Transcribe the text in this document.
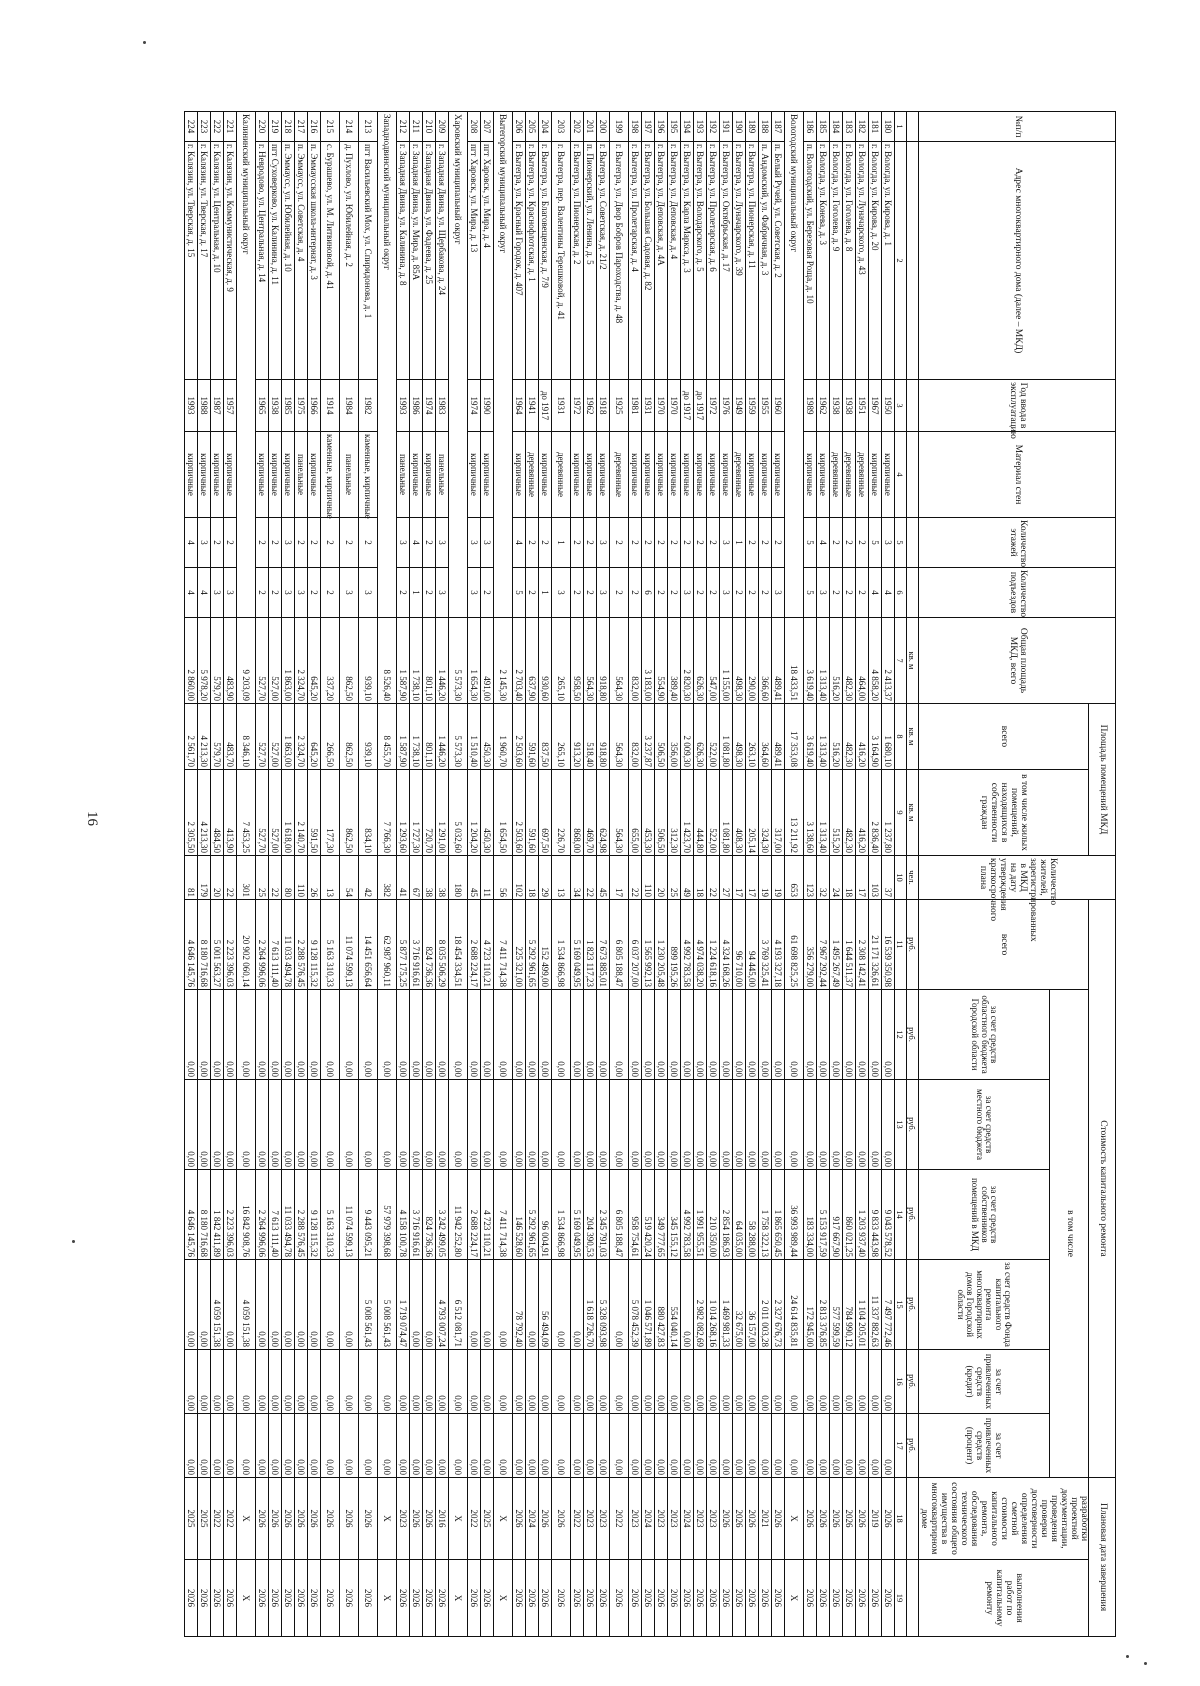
16
№п/п	Адрес многоквартирного дома (далее – МКД)	Год ввода в эксплуатацию	Материал стен	Количество этажей	Количество подъездов	Общая площадь МКД, всего	Площадь помещений МКД		Количество жителей, зарегистрированных в МКД на дату утверждения краткосрочного плана	Стоимость капитального ремонта							Плановая дата завершения	
							всего	в том числе жилых помещений, находящихся в собственности граждан		всего	в том числе						разработки проектной документации, проведения проверки достоверности определения сметной стоимости капитального ремонта, обследования технического состояния общего имущества в многоквартирном доме	выполнения работ по капитальному ремонту
											за счет средств областного бюджета Городской области	за счет средств местного бюджета	за счет средств собственников помещений в МКД	за счет средств Фонда капитального ремонта многоквартирных домов Городской области	за счет привлеченных средств (кредит)	за счет привлеченных средств (процент)		
						кв. м	кв. м	кв. м	чел.	руб.	руб.	руб.	руб.	руб.	руб.	руб.		
1	2	3	4	5	6	7	8	9	10	11	12	13	14	15	16	17	18	19
180	г. Вологда, ул. Кирова, д. 1	1950	кирпичные	3	4	2 413,37	1 680,10	1 237,80	37	16 539 350,98	0,00	0,00	9 043 578,52	7 497 772,46	0,00	0,00	2026	2026
181	г. Вологда, ул. Кирова, д. 20	1967	кирпичные	5	4	4 858,20	3 164,90	2 836,40	103	21 171 326,61	0,00	0,00	9 833 443,98	11 337 882,63	0,00	0,00	2019	2026
182	г. Вологда, ул. Луначарского, д. 43	1951	деревянные	2	2	464,00	416,20	416,20	17	2 308 142,41	0,00	0,00	1 203 937,40	1 104 205,01	0,00	0,00	2026	2026
183	г. Вологда, ул. Гоголева, д. 8	1938	деревянные	2	2	482,30	482,30	482,30	18	1 644 511,37	0,00	0,00	860 021,25	784 990,12	0,00	0,00	2026	2026
184	г. Вологда, ул. Гоголева, д. 9	1938	деревянные	2	2	516,20	516,20	515,20	24	1 495 267,49	0,00	0,00	917 667,90	577 599,59	0,00	0,00	2026	2026
185	г. Вологда, ул. Конева, д. 3	1962	кирпичные	4	3	1 313,40	1 313,40	1 313,40	32	7 967 292,44	0,00	0,00	5 153 917,59	2 813 376,85	0,00	0,00	2026	2026
186	п. Вологодский, ул. Березовая Роща, д. 10	1989	кирпичные	5	5	3 619,40	3 619,40	3 138,60	123	356 279,00	0,00	0,00	183 334,00	172 945,00	0,00	0,00	2026	2026
Вологодский муниципальный округ						18 433,51	17 353,08	13 211,92	653	61 698 825,25	0,00	0,00	36 993 989,44	24 614 835,81	0,00	0,00	X	X
187	п. Белый Ручей, ул. Советская, д. 2	1960	кирпичные	2	3	489,41	489,41	317,00	19	4 193 327,18	0,00	0,00	1 865 650,45	2 327 676,73	0,00	0,00	2026	2026
188	п. Андомский, ул. Фабричная, д. 3	1955	кирпичные	2	2	366,60	364,60	324,30	19	3 769 325,41	0,00	0,00	1 758 322,13	2 011 003,28	0,00	0,00	2021	2026
189	г. Вытегра, ул. Пионерская, д. 11	1959	кирпичные	2	2	290,00	263,10	205,14	17	94 445,00	0,00	0,00	58 288,00	36 157,00	0,00	0,00	2026	2026
190	г. Вытегра, ул. Луначарского, д. 39	1949	деревянные	1	2	498,30	498,30	408,30	17	96 710,00	0,00	0,00	64 035,00	32 675,00	0,00	0,00	2026	2026
191	г. Вытегра, ул. Октябрьская, д. 17	1976	кирпичные	3	3	1 155,00	1 081,80	1 081,80	27	4 324 168,26	0,00	0,00	2 854 186,93	1 469 981,33	0,00	0,00	2026	2026
192	г. Вытегра, ул. Пролетарская, д. 6	1972	кирпичные	2	2	547,00	522,00	522,00	22	1 224 618,16	0,00	0,00	210 350,00	1 014 268,16	0,00	0,00	2023	2026
193	г. Вытегра, ул. Володарского, д. 5	до 1917	кирпичные	2	2	626,30	626,30	444,80	18	4 974 038,20	0,00	0,00	1 991 955,51	2 982 082,69	0,00	0,00	2023	2026
194	г. Вытегра, ул. Карла Маркса, д. 3	до 1917	кирпичные	2	3	2 820,30	2 009,30	1 423,70	49	4 992 783,58	0,00	0,00	4 992 783,58	0,00	0,00	0,00	2024	2026
195	г. Вытегра, ул. Деповская, д. 4	1970	кирпичные	2	2	389,40	356,00	312,30	25	899 195,26	0,00	0,00	345 155,12	554 040,14	0,00	0,00	2023	2026
196	г. Вытегра, ул. Деповская, д. 4А	1970	кирпичные	2	2	554,90	506,50	506,50	20	1 230 205,48	0,00	0,00	349 777,65	880 427,83	0,00	0,00	2023	2026
197	г. Вытегра, ул. Большая Садовая, д. 82	1931	кирпичные	2	6	3 183,00	3 237,87	453,30	110	1 565 992,13	0,00	0,00	519 420,24	1 046 571,89	0,00	0,00	2024	2026
198	г. Вытегра, ул. Пролетарская, д. 4	1981	кирпичные	2	2	832,00	832,00	655,00	22	6 037 207,00	0,00	0,00	958 754,61	5 078 452,39	0,00	0,00	2023	2026
199	г. Вытегра, ул. Двор Бобров Пароходства, д. 48	1925	деревянные	2	2	564,30	564,30	564,30	17	6 805 188,47	0,00	0,00	6 805 188,47	0,00	0,00	0,00	2022	2026
200	г. Вытегра, ул. Советская, д. 21/2	1918	кирпичные	3	3	918,80	918,80	624,98	45	7 673 885,01	0,00	0,00	2 345 791,03	5 328 093,98	0,00	0,00	2023	2026
201	п. Пионерский, ул. Ленина, д. 5	1962	кирпичные	2	2	564,30	518,40	469,70	22	1 823 117,23	0,00	0,00	204 390,53	1 618 726,70	0,00	0,00	2023	2026
202	г. Вытегра, ул. Пионерская, д. 2	1972	кирпичные	2	2	958,50	913,20	868,00	34	5 169 049,95	0,00	0,00	5 169 049,95	0,00	0,00	0,00	2022	2026
203	г. Вытегра, пер. Валентины Терешковой, д. 41	1931	деревянные	1	3	265,10	265,10	226,70	13	1 534 866,98	0,00	0,00	1 534 866,98	0,00	0,00	0,00	2026	2026
204	г. Вытегра, ул. Благовещенская, д. 7/9	до 1917	кирпичные	2	1	930,60	837,50	697,50	29	152 499,00	0,00	0,00	96 004,91	56 494,09	0,00	0,00	2026	2026
205	г. Вытегра, ул. Краснофлотская, д. 1	1941	деревянные	2	2	637,90	591,60	591,60	18	5 292 961,65	0,00	0,00	5 292 961,65	0,00	0,00	0,00	2024	2026
206	г. Вытегра, ул. Красный Городок, д. 407	1964	кирпичные	4	5	2 703,40	2 503,60	2 503,60	102	225 321,00	0,00	0,00	146 528,60	78 792,40	0,00	0,00	2026	2026
Вытегорский муниципальный округ						2 145,30	1 960,70	1 654,50	56	7 411 714,38	0,00	0,00	7 411 714,38	0,00	0,00	0,00	X	X
207	пгт Харовск, ул. Мира, д. 4	1990	кирпичные	3	2	491,00	450,30	450,30	11	4 723 110,21	0,00	0,00	4 723 110,21	0,00	0,00	0,00	2025	2026
208	пгт Харовск, ул. Мира, д. 13	1974	кирпичные	3	3	1 654,30	1 510,40	1 204,20	45	2 688 224,17	0,00	0,00	2 688 224,17	0,00	0,00	0,00	2022	2026
Харовский муниципальный округ						5 573,30	5 573,30	5 032,60	180	18 454 334,51	0,00	0,00	11 942 252,80	6 512 081,71	0,00	0,00	X	X
209	г. Западная Двина, ул. Щербакова, д. 24	1983	панельные	3	3	1 446,20	1 446,20	1 291,00	38	8 035 506,29	0,00	0,00	3 242 499,05	4 793 007,24	0,00	0,00	2016	2026
210	г. Западная Двина, ул. Фадеева, д. 25	1974	кирпичные	2	2	801,10	801,10	720,70	38	824 736,36	0,00	0,00	824 736,36	0,00	0,00	0,00	2026	2026
211	г. Западная Двина, ул. Мира, д. 85А	1986	кирпичные	4	1	1 738,10	1 738,10	1 727,30	67	3 716 916,61	0,00	0,00	3 716 916,61	0,00	0,00	0,00	2026	2026
212	г. Западная Двина, ул. Калинина, д. 8	1993	панельные	3	2	1 587,90	1 587,90	1 293,60	41	5 877 175,25	0,00	0,00	4 158 100,78	1 719 074,47	0,00	0,00	2023	2026
Западнодвинский муниципальный округ						8 526,40	8 455,70	7 766,30	382	62 987 960,11	0,00	0,00	57 979 398,68	5 008 561,43	0,00	0,00	X	X
213	пгт Васильевский Мох, ул. Спиридонова, д. 1	1982	каменные, кирпичные	2	3	939,10	939,10	834,10	42	14 451 656,64	0,00	0,00	9 443 095,21	5 008 561,43	0,00	0,00	2026	2026
214	д. Пухлово, ул. Юбилейная, д. 2	1984	панельные	2	3	862,50	862,50	862,50	54	11 074 599,13	0,00	0,00	11 074 599,13	0,00	0,00	0,00	2026	2026
215	с. Бурашево, ул. М. Литвиновой, д. 41	1914	каменные, кирпичные	2	2	337,20	266,50	177,30	13	5 163 310,33	0,00	0,00	5 163 310,33	0,00	0,00	0,00	2026	2026
216	п. Эммаусская школа-интернат, д. 3	1966	кирпичные	2	2	645,20	645,20	591,50	26	9 128 115,32	0,00	0,00	9 128 115,32	0,00	0,00	0,00	2026	2026
217	п. Эммаусс, ул. Советская, д. 4	1975	панельные	2	3	2 324,70	2 324,70	2 140,70	110	2 288 576,45	0,00	0,00	2 288 576,45	0,00	0,00	0,00	2026	2026
218	п. Эммаусс, ул. Юбилейная, д. 10	1985	кирпичные	3	3	1 863,00	1 863,00	1 618,00	80	11 033 494,78	0,00	0,00	11 033 494,78	0,00	0,00	0,00	2026	2026
219	пгт Суховерково, ул. Калинина, д. 11	1938	кирпичные	2	2	527,00	527,00	527,00	22	7 613 111,40	0,00	0,00	7 613 111,40	0,00	0,00	0,00	2026	2026
220	г. Невродово, ул. Центральная, д. 14	1965	кирпичные	2	2	527,70	527,70	527,70	25	2 264 996,06	0,00	0,00	2 264 996,06	0,00	0,00	0,00	2026	2026
Калининский муниципальный округ						9 203,09	8 346,10	7 453,25	301	20 902 060,14	0,00	0,00	16 842 908,76	4 059 151,38	0,00	0,00	X	X
221	г. Калязин, ул. Коммунистическая, д. 9	1957	кирпичные	2	3	483,90	483,70	413,90	22	2 223 396,03	0,00	0,00	2 223 396,03	0,00	0,00	0,00	2022	2026
222	г. Калязин, ул. Центральная, д. 10	1987	кирпичные	2	3	579,70	579,70	484,50	20	5 001 563,27	0,00	0,00	1 842 411,89	4 059 151,38	0,00	0,00	2022	2026
223	г. Калязин, ул. Тверская, д. 17	1988	кирпичные	3	4	5 978,20	4 213,30	4 213,30	179	8 180 716,68	0,00	0,00	8 180 716,68	0,00	0,00	0,00	2025	2026
224	г. Калязин, ул. Тверская, д. 15	1993	кирпичные	4	4	2 860,00	2 561,70	2 305,50	81	4 646 145,76	0,00	0,00	4 646 145,76	0,00	0,00	0,00	2025	2026
